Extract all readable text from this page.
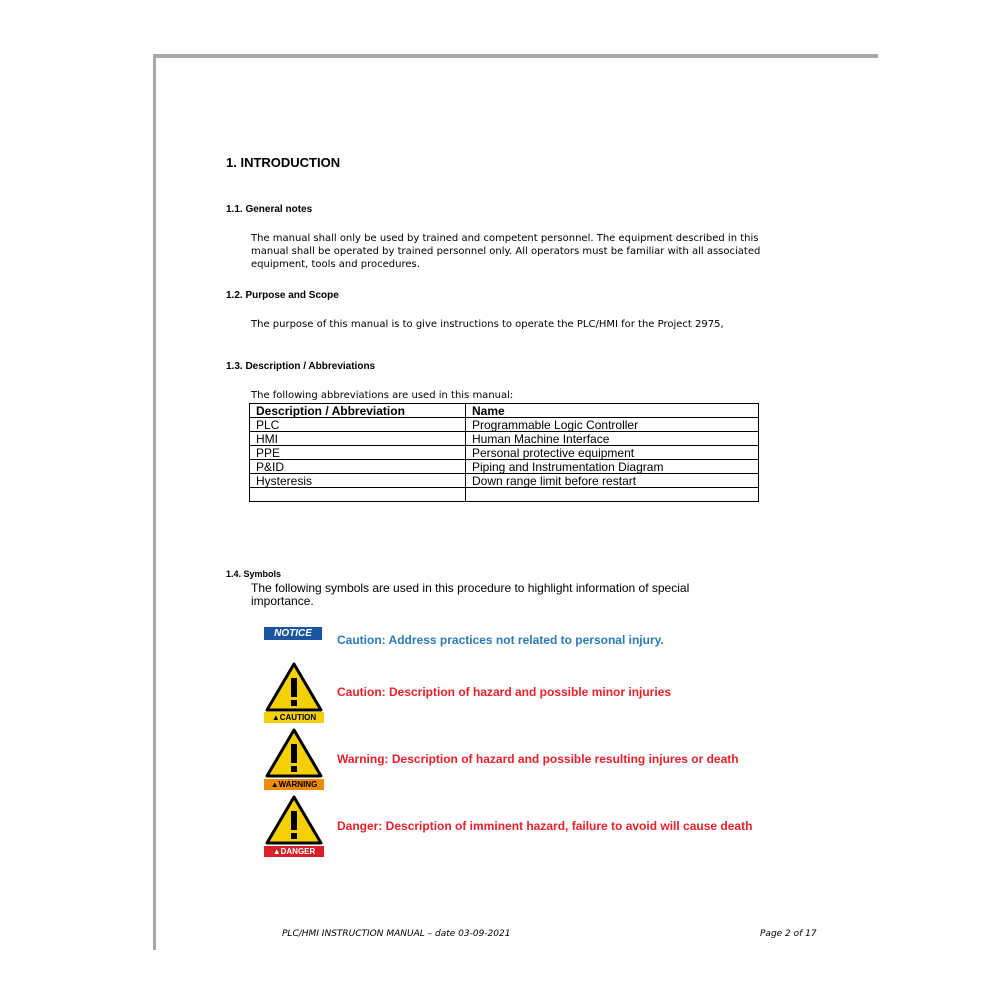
1. INTRODUCTION
1.1. General notes
The manual shall only be used by trained and competent personnel. The equipment described in this
manual shall be operated by trained personnel only. All operators must be familiar with all associated
equipment, tools and procedures.
1.2. Purpose and Scope
The purpose of this manual is to give instructions to operate the PLC/HMI for the Project 2975,
1.3. Description / Abbreviations
The following abbreviations are used in this manual:
Description / Abbreviation	Name
PLC	Programmable Logic Controller
HMI	Human Machine Interface
PPE	Personal protective equipment
P&ID	Piping and Instrumentation Diagram
Hysteresis	Down range limit before restart

1.4. Symbols
The following symbols are used in this procedure to highlight information of special
importance.
NOTICE	Caution: Address practices not related to personal injury.
▲CAUTION
Caution: Description of hazard and possible minor injuries
▲WARNING
Warning: Description of hazard and possible resulting injures or death
▲DANGER
Danger: Description of imminent hazard, failure to avoid will cause death
PLC/HMI INSTRUCTION MANUAL – date 03-09-2021	Page 2 of 17
